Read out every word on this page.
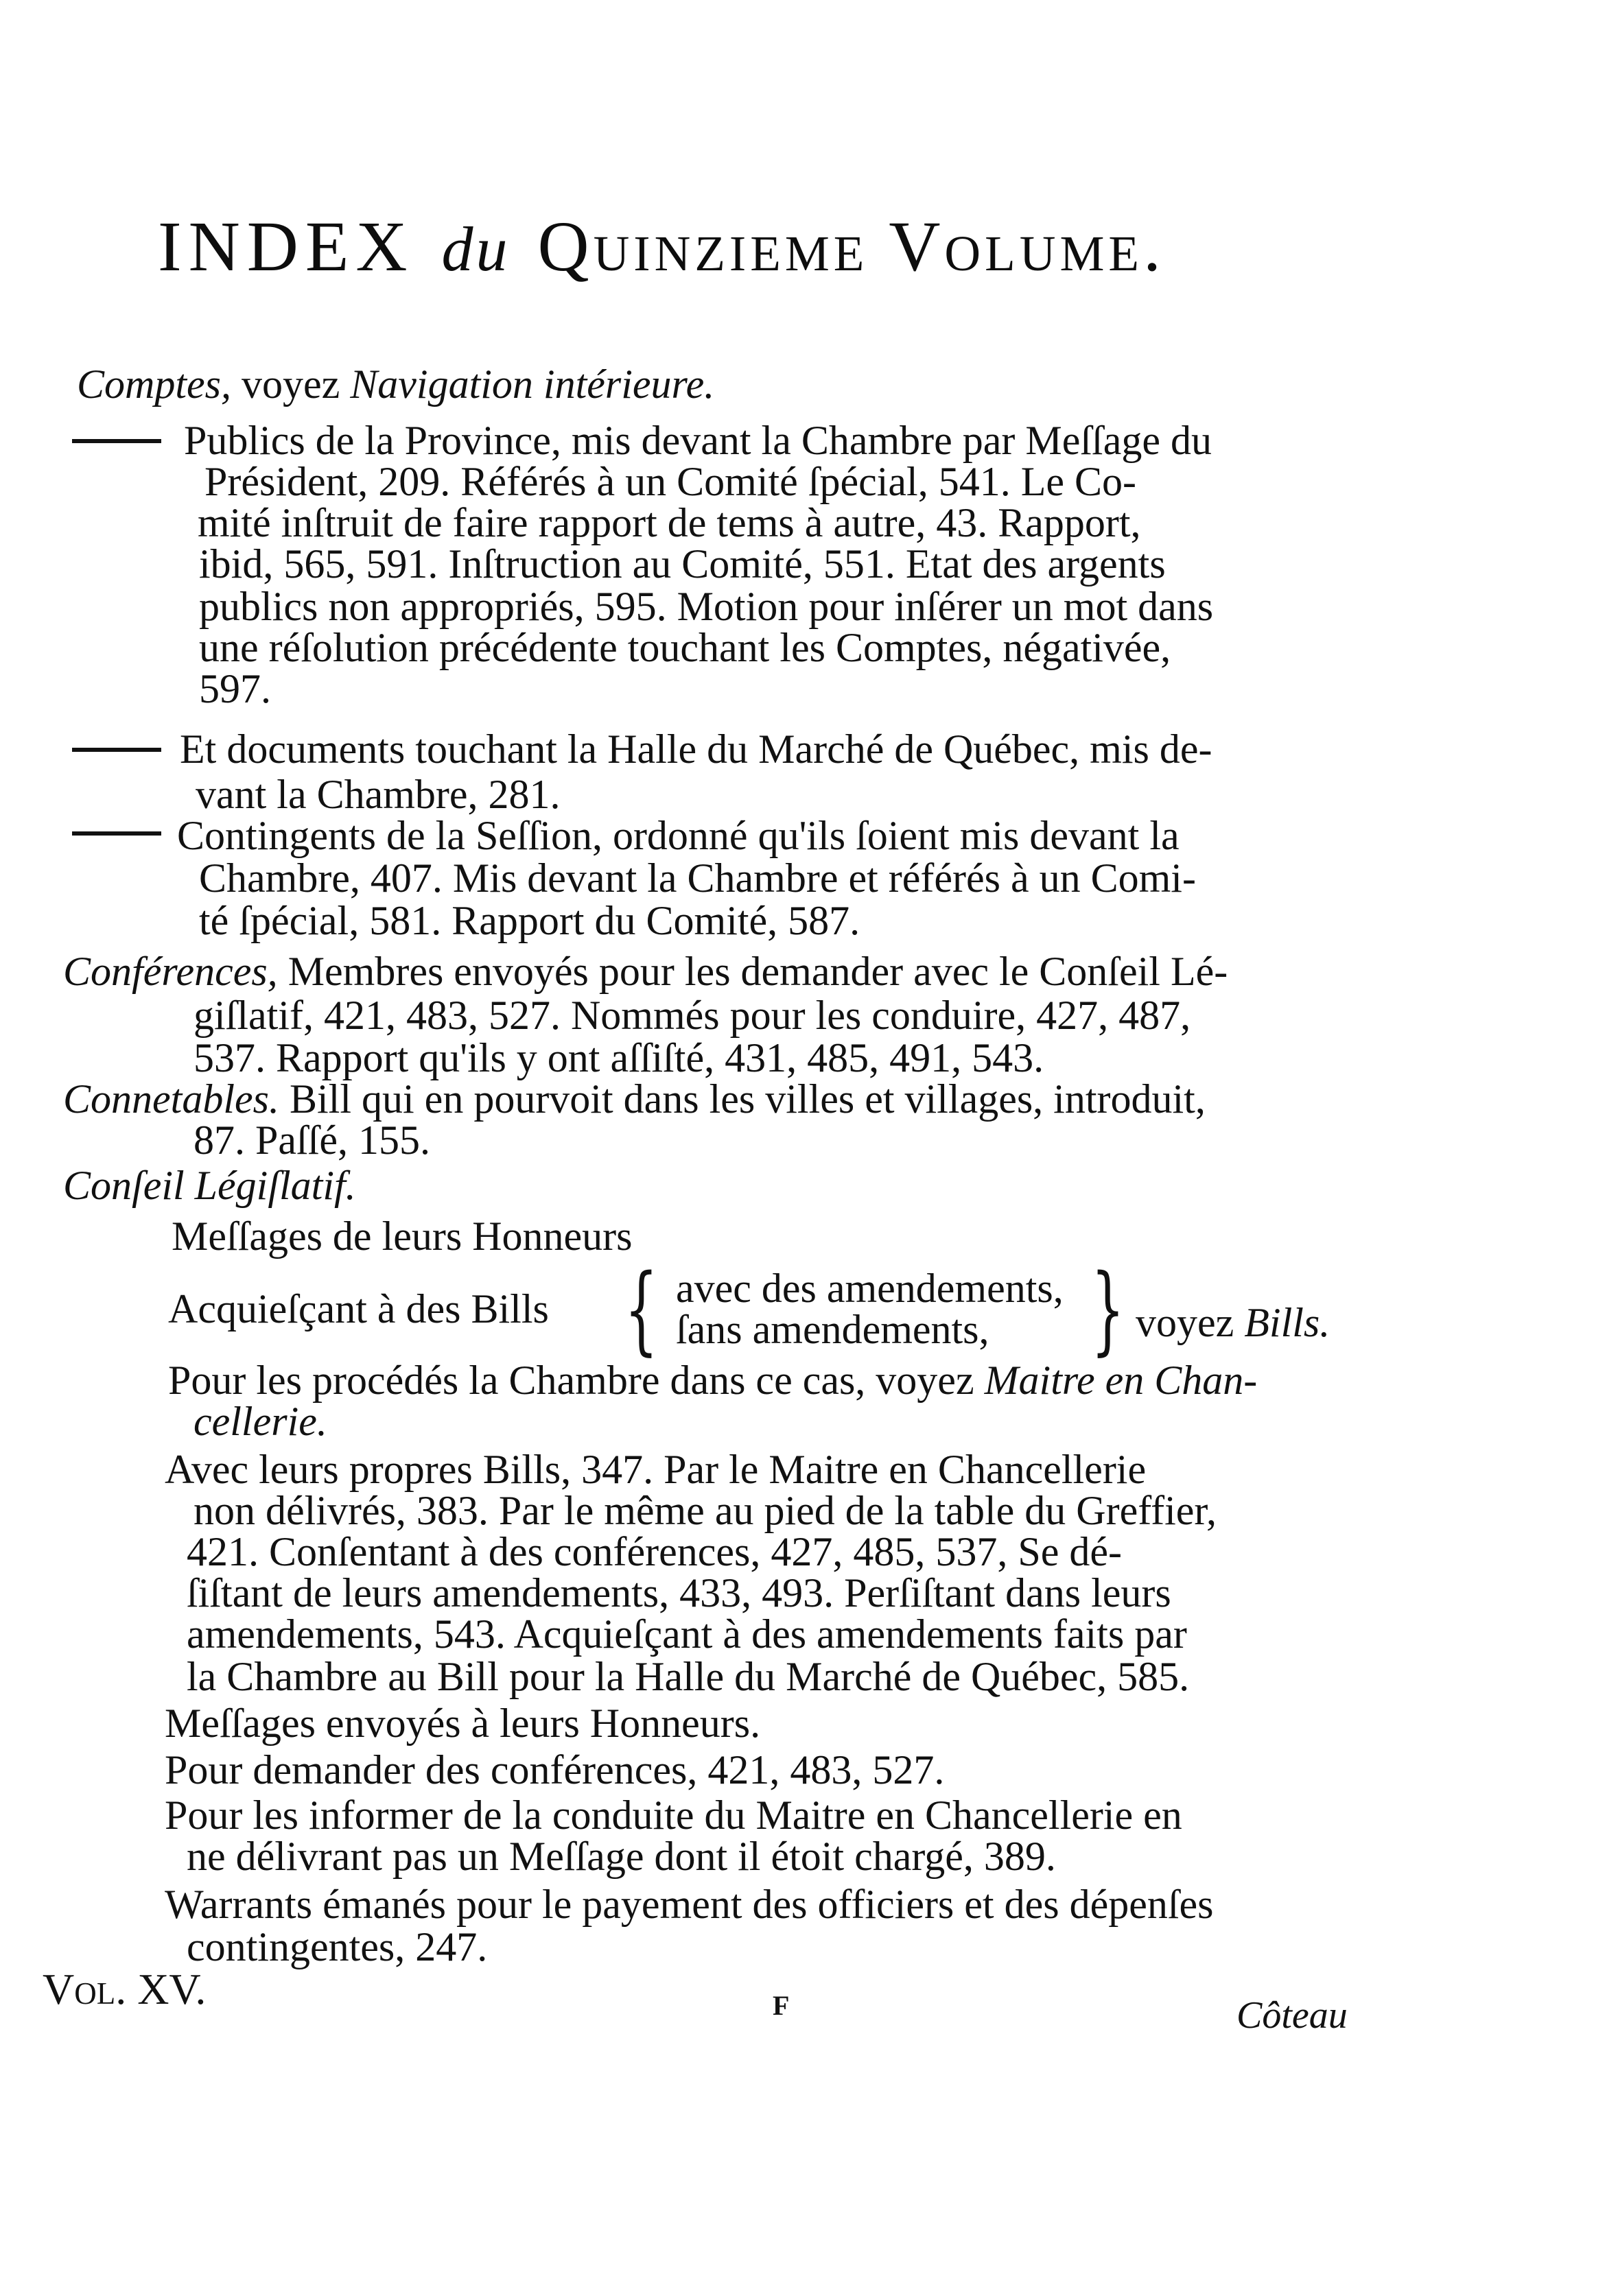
INDEX du Quinzieme Volume.
Comptes, voyez Navigation intérieure.
Publics de la Province, mis devant la Chambre par Meſſage du
Président, 209. Référés à un Comité ſpécial, 541. Le Co-
mité inſtruit de faire rapport de tems à autre, 43. Rapport,
ibid, 565, 591. Inſtruction au Comité, 551. Etat des argents
publics non appropriés, 595. Motion pour inſérer un mot dans
une réſolution précédente touchant les Comptes, négativée,
597.
Et documents touchant la Halle du Marché de Québec, mis de-
vant la Chambre, 281.
Contingents de la Seſſion, ordonné qu'ils ſoient mis devant la
Chambre, 407. Mis devant la Chambre et référés à un Comi-
té ſpécial, 581. Rapport du Comité, 587.
Conférences, Membres envoyés pour les demander avec le Conſeil Lé-
giſlatif, 421, 483, 527. Nommés pour les conduire, 427, 487,
537. Rapport qu'ils y ont aſſiſté, 431, 485, 491, 543.
Connetables. Bill qui en pourvoit dans les villes et villages, introduit,
87. Paſſé, 155.
Conſeil Légiſlatif.
Meſſages de leurs Honneurs
Acquieſçant à des Bills { avec des amendements,
ſans amendements, } voyez Bills.
Pour les procédés la Chambre dans ce cas, voyez Maitre en Chan-
cellerie.
Avec leurs propres Bills, 347. Par le Maitre en Chancellerie
non délivrés, 383. Par le même au pied de la table du Greffier,
421. Conſentant à des conférences, 427, 485, 537, Se dé-
ſiſtant de leurs amendements, 433, 493. Perſiſtant dans leurs
amendements, 543. Acquieſçant à des amendements faits par
la Chambre au Bill pour la Halle du Marché de Québec, 585.
Meſſages envoyés à leurs Honneurs.
Pour demander des conférences, 421, 483, 527.
Pour les informer de la conduite du Maitre en Chancellerie en
ne délivrant pas un Meſſage dont il étoit chargé, 389.
Warrants émanés pour le payement des officiers et des dépenſes
contingentes, 247.
Vol. XV.	F	Côteau
